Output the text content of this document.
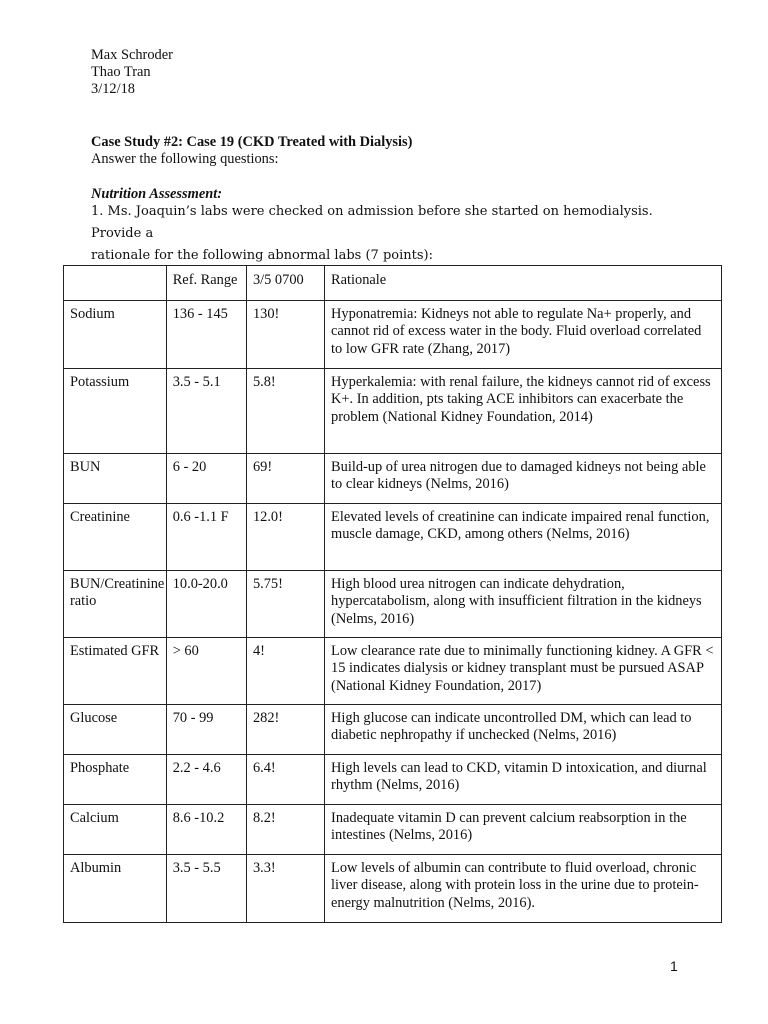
Max Schroder
Thao Tran
3/12/18
Case Study #2: Case 19 (CKD Treated with Dialysis)
Answer the following questions:
Nutrition Assessment:
1. Ms. Joaquin’s labs were checked on admission before she started on hemodialysis. Provide a
rationale for the following abnormal labs (7 points):
	Ref. Range	3/5 0700	Rationale
Sodium	136 - 145	130!	Hyponatremia: Kidneys not able to regulate Na+ properly, and cannot rid of excess water in the body. Fluid overload correlated to low GFR rate (Zhang, 2017)
Potassium	3.5 - 5.1	5.8!	Hyperkalemia: with renal failure, the kidneys cannot rid of excess K+. In addition, pts taking ACE inhibitors can exacerbate the problem (National Kidney Foundation, 2014)
BUN	6 - 20	69!	Build-up of urea nitrogen due to damaged kidneys not being able to clear kidneys (Nelms, 2016)
Creatinine	0.6 -1.1 F	12.0!	Elevated levels of creatinine can indicate impaired renal function, muscle damage, CKD, among others (Nelms, 2016)
BUN/Creatinine ratio	10.0-20.0	5.75!	High blood urea nitrogen can indicate dehydration, hypercatabolism, along with insufficient filtration in the kidneys (Nelms, 2016)
Estimated GFR	> 60	4!	Low clearance rate due to minimally functioning kidney. A GFR < 15 indicates dialysis or kidney transplant must be pursued ASAP (National Kidney Foundation, 2017)
Glucose	70 - 99	282!	High glucose can indicate uncontrolled DM, which can lead to diabetic nephropathy if unchecked (Nelms, 2016)
Phosphate	2.2 - 4.6	6.4!	High levels can lead to CKD, vitamin D intoxication, and diurnal rhythm (Nelms, 2016)
Calcium	8.6 -10.2	8.2!	Inadequate vitamin D can prevent calcium reabsorption in the intestines (Nelms, 2016)
Albumin	3.5 - 5.5	3.3!	Low levels of albumin can contribute to fluid overload, chronic liver disease, along with protein loss in the urine due to protein-energy malnutrition (Nelms, 2016).
1
